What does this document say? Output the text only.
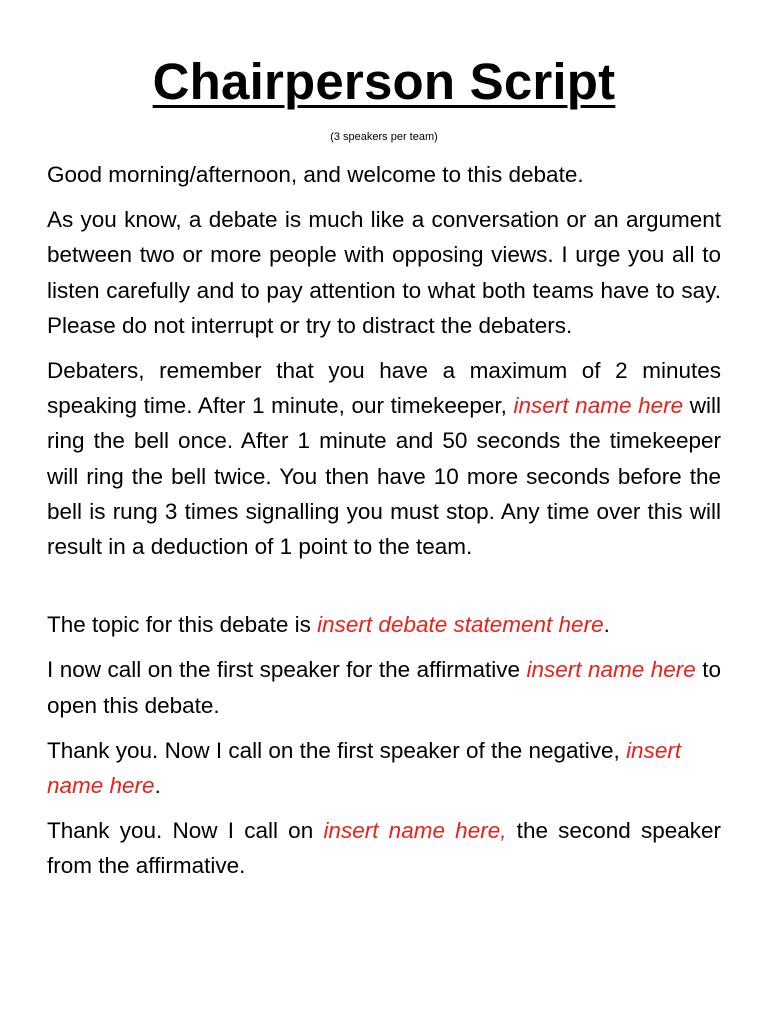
Chairperson Script
(3 speakers per team)

Good morning/afternoon, and welcome to this debate.

As you know, a debate is much like a conversation or an argument between two or more people with opposing views. I urge you all to listen carefully and to pay attention to what both teams have to say. Please do not interrupt or try to distract the debaters.

Debaters, remember that you have a maximum of 2 minutes speaking time. After 1 minute, our timekeeper, insert name here will ring the bell once. After 1 minute and 50 seconds the timekeeper will ring the bell twice. You then have 10 more seconds before the bell is rung 3 times signalling you must stop. Any time over this will result in a deduction of 1 point to the team.

The topic for this debate is insert debate statement here.

I now call on the first speaker for the affirmative insert name here to open this debate.

Thank you. Now I call on the first speaker of the negative, insert name here.

Thank you. Now I call on insert name here, the second speaker from the affirmative.
